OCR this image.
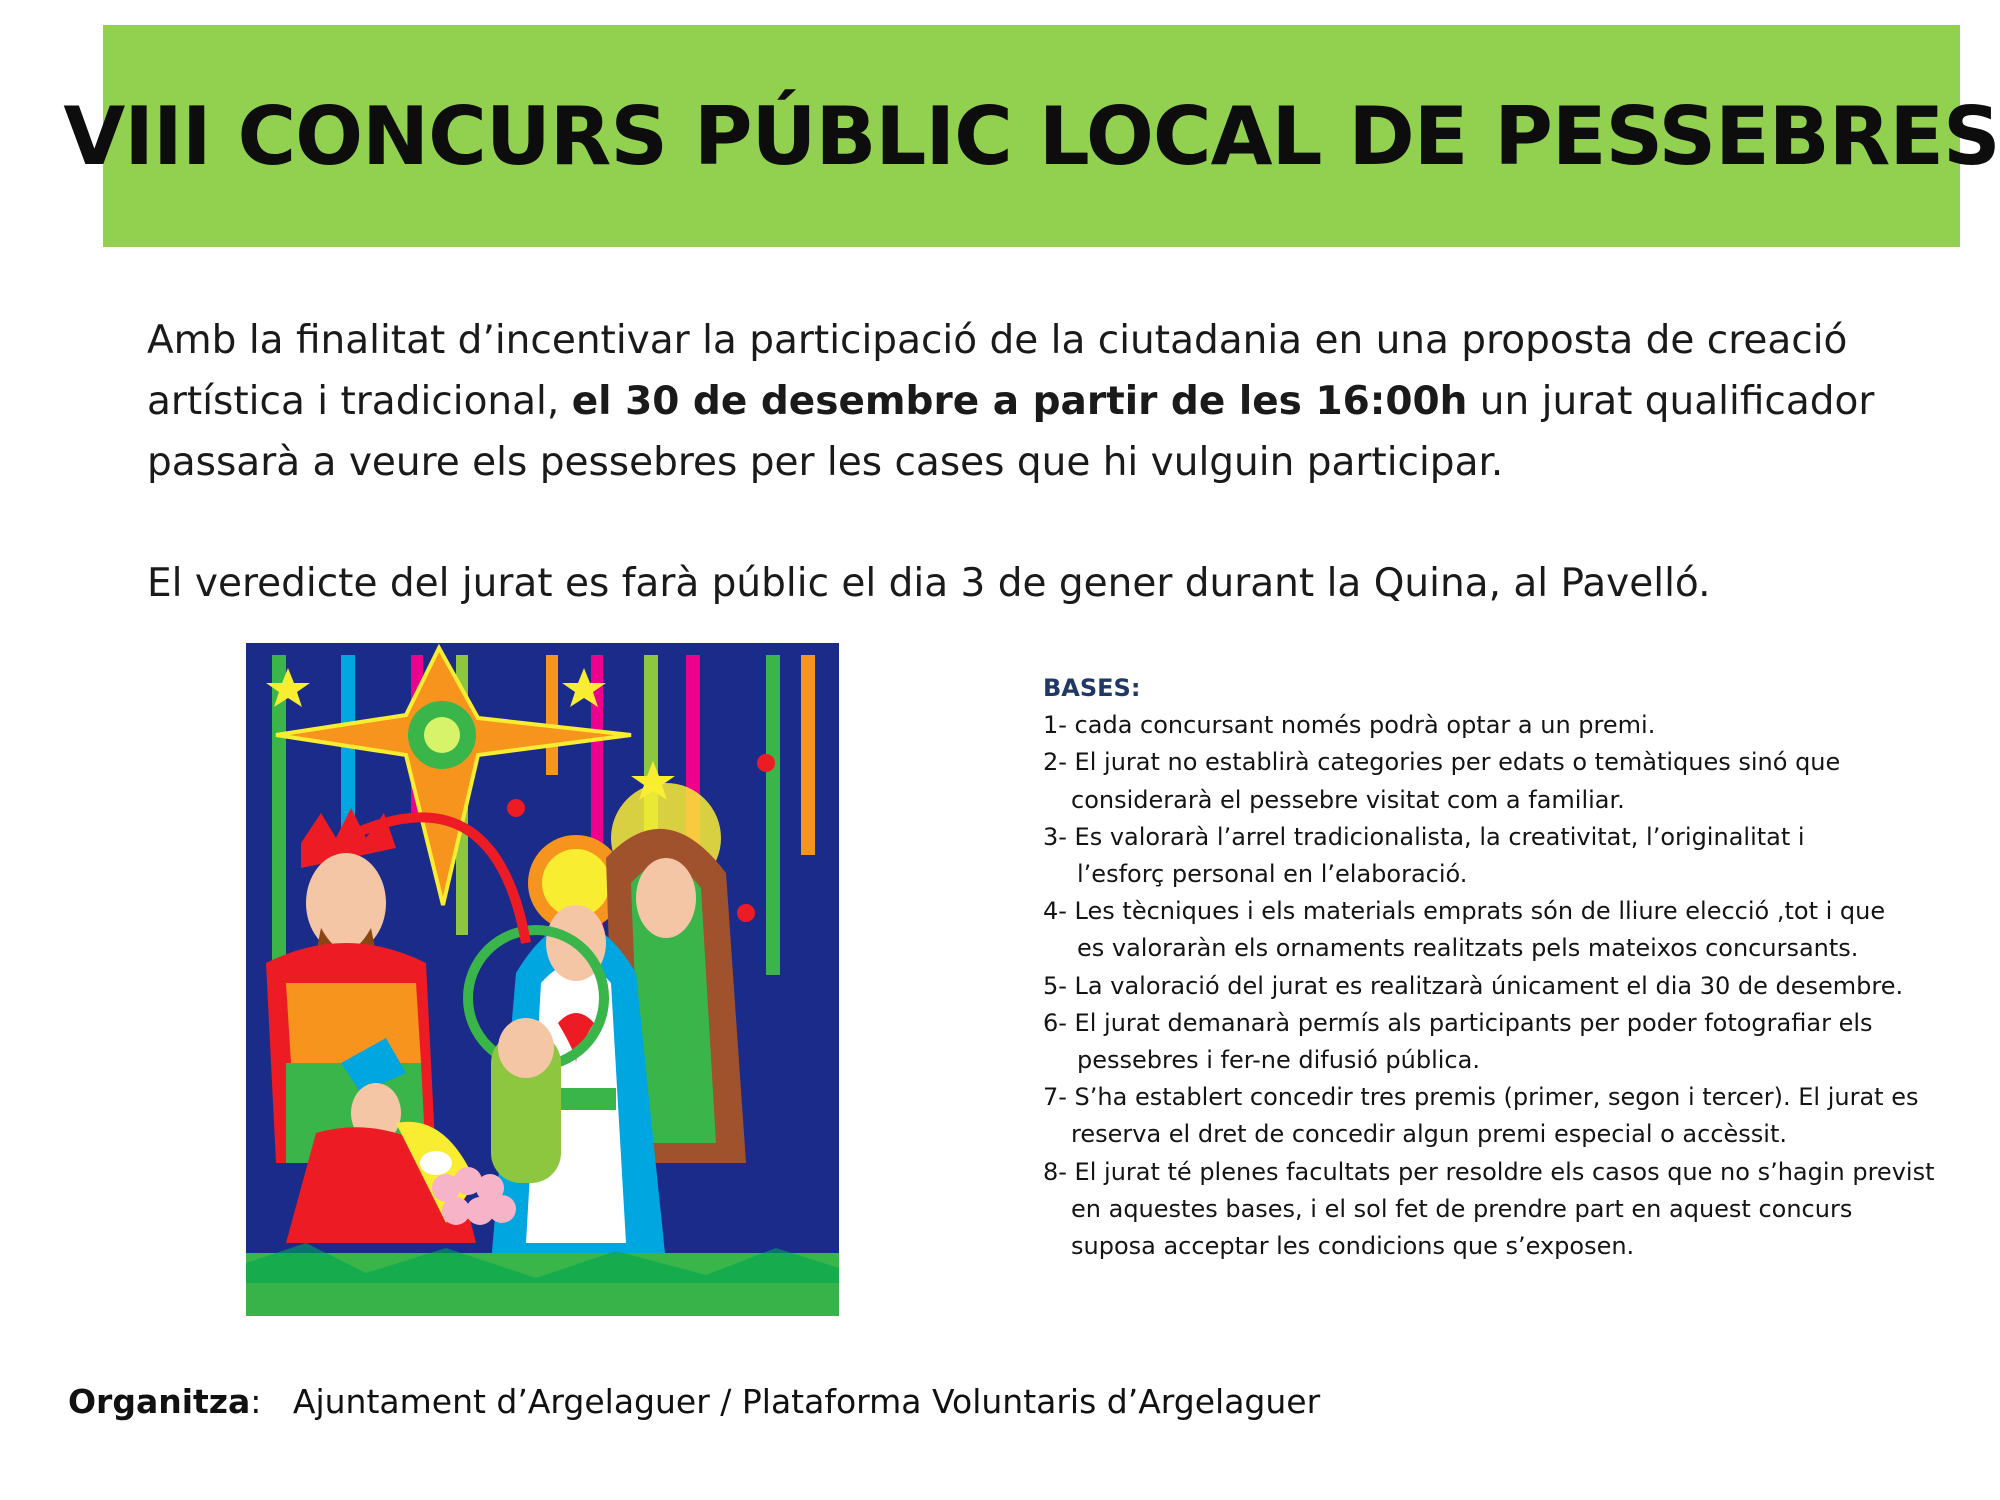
VIII CONCURS PÚBLIC LOCAL DE PESSEBRES

Amb la finalitat d’incentivar la participació de la ciutadania en una proposta de creació artística i tradicional, el 30 de desembre a partir de les 16:00h un jurat qualificador passarà a veure els pessebres per les cases que hi vulguin participar.

El veredicte del jurat es farà públic el dia 3 de gener durant la Quina, al Pavelló.

BASES:
1- cada concursant només podrà optar a un premi.
2- El jurat no establirà categories per edats o temàtiques sinó que
considerarà el pessebre visitat com a familiar.
3- Es valorarà l’arrel tradicionalista, la creativitat, l’originalitat i
l’esforç personal en l’elaboració.
4- Les tècniques i els materials emprats són de lliure elecció ,tot i que
es valoraràn els ornaments realitzats pels mateixos concursants.
5- La valoració del jurat es realitzarà únicament el dia 30 de desembre.
6- El jurat demanarà permís als participants per poder fotografiar els
pessebres i fer-ne difusió pública.
7- S’ha establert concedir tres premis (primer, segon i tercer). El jurat es
reserva el dret de concedir algun premi especial o accèssit.
8- El jurat té plenes facultats per resoldre els casos que no s’hagin previst
en aquestes bases, i el sol fet de prendre part en aquest concurs
suposa acceptar les condicions que s’exposen.
Organitza: Ajuntament d’Argelaguer / Plataforma Voluntaris d’Argelaguer
